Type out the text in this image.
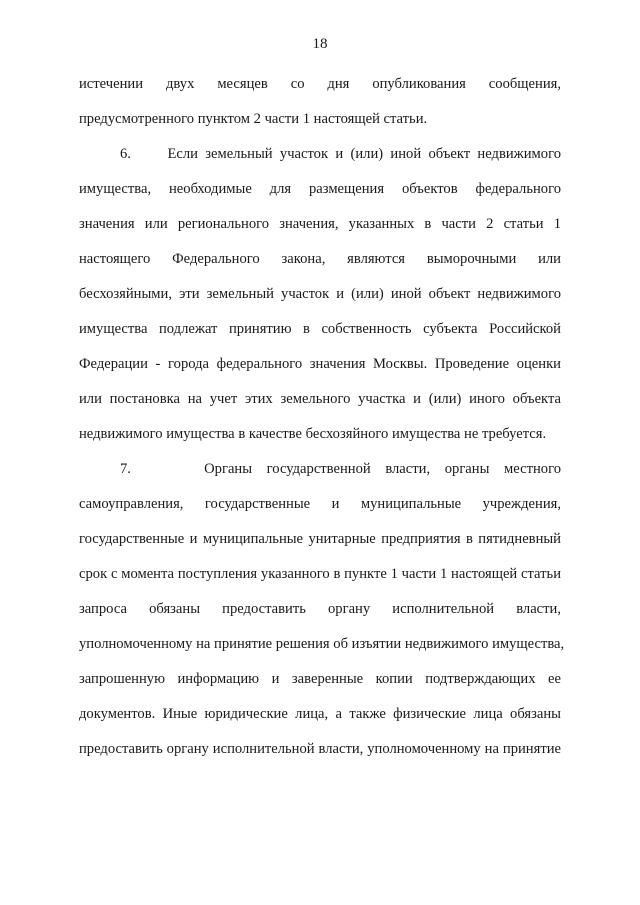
18
истечении двух месяцев со дня опубликования сообщения,
предусмотренного пунктом 2 части 1 настоящей статьи.
6.     Если земельный участок и (или) иной объект недвижимого
имущества, необходимые для размещения объектов федерального
значения или регионального значения, указанных в части 2 статьи 1
настоящего Федерального закона, являются выморочными или
бесхозяйными, эти земельный участок и (или) иной объект недвижимого
имущества подлежат принятию в собственность субъекта Российской
Федерации - города федерального значения Москвы. Проведение оценки
или постановка на учет этих земельного участка и (или) иного объекта
недвижимого имущества в качестве бесхозяйного имущества не требуется.
7.     Органы государственной власти, органы местного
самоуправления, государственные и муниципальные учреждения,
государственные и муниципальные унитарные предприятия в пятидневный
срок с момента поступления указанного в пункте 1 части 1 настоящей статьи
запроса обязаны предоставить органу исполнительной власти,
уполномоченному на принятие решения об изъятии недвижимого имущества,
запрошенную информацию и заверенные копии подтверждающих ее
документов. Иные юридические лица, а также физические лица обязаны
предоставить органу исполнительной власти, уполномоченному на принятие
